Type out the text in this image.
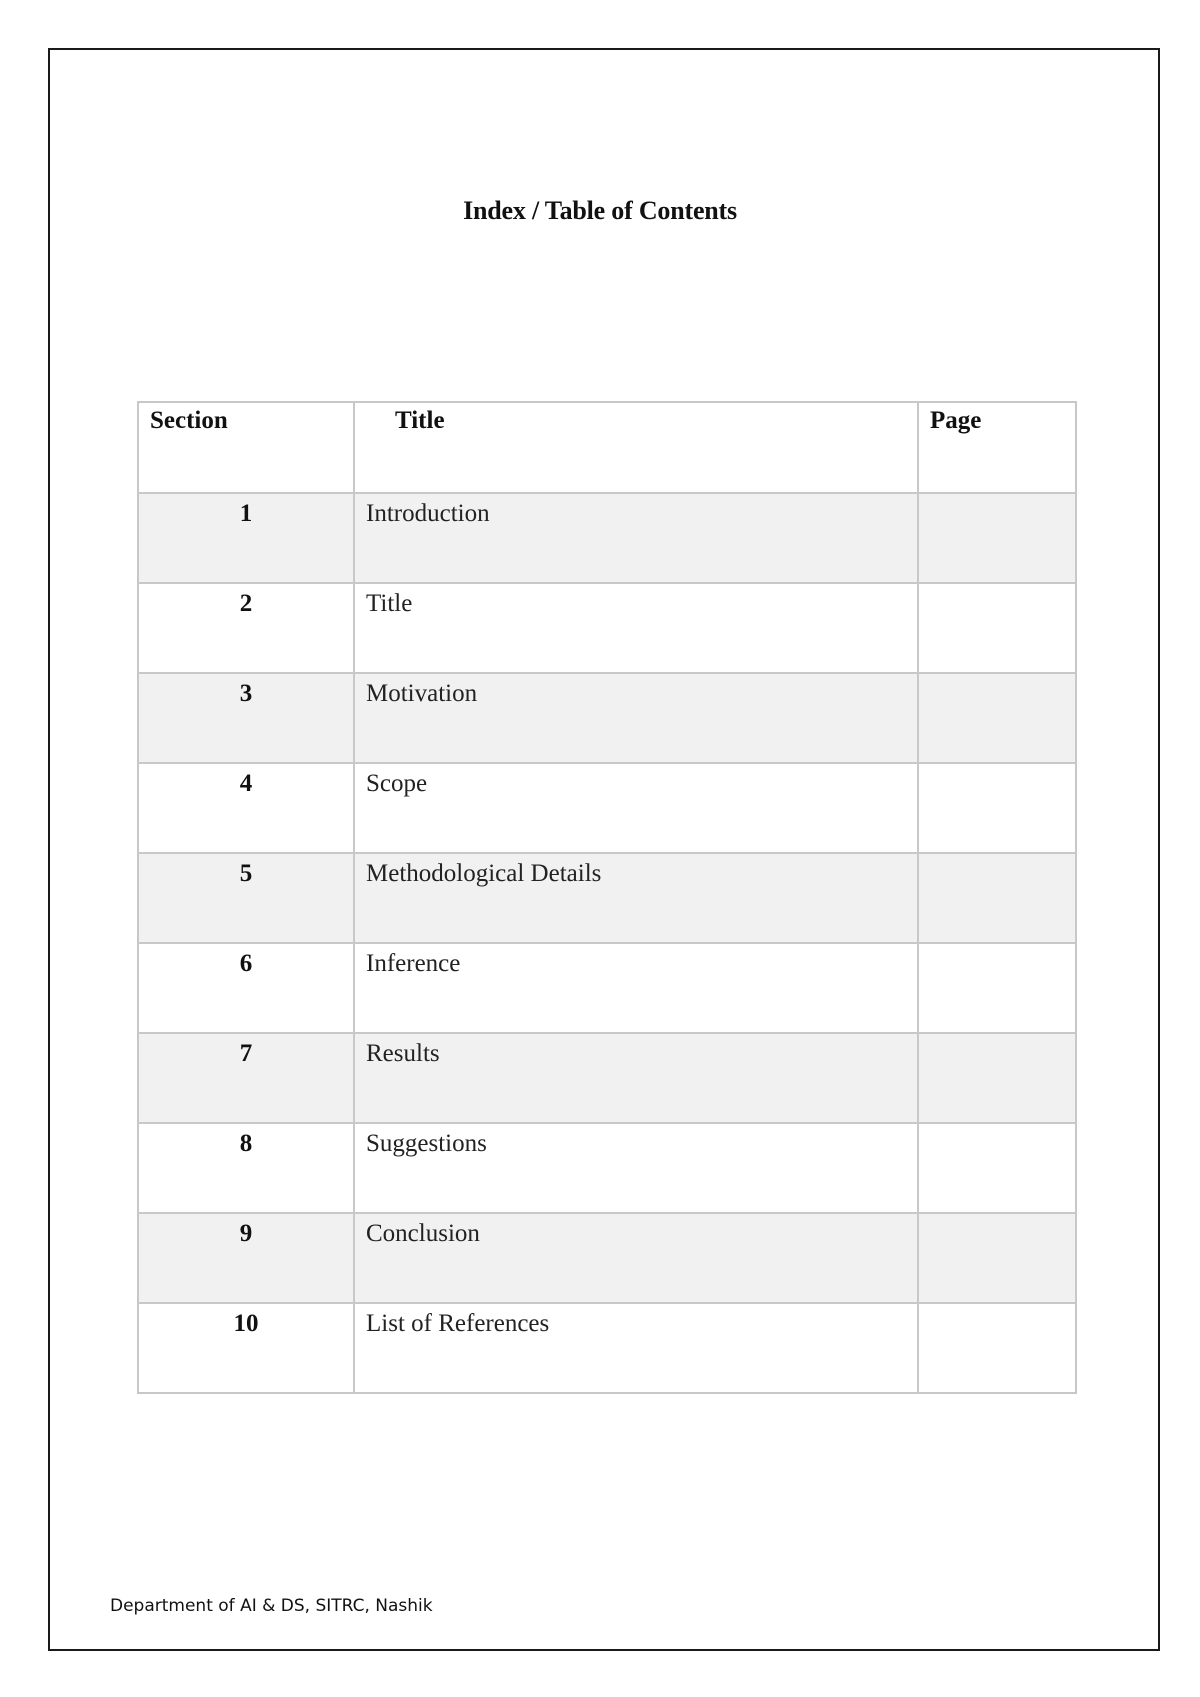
Index / Table of Contents
Section	Title	Page
1	Introduction	
2	Title	
3	Motivation	
4	Scope	
5	Methodological Details	
6	Inference	
7	Results	
8	Suggestions	
9	Conclusion	
10	List of References	
Department of AI & DS, SITRC, Nashik
